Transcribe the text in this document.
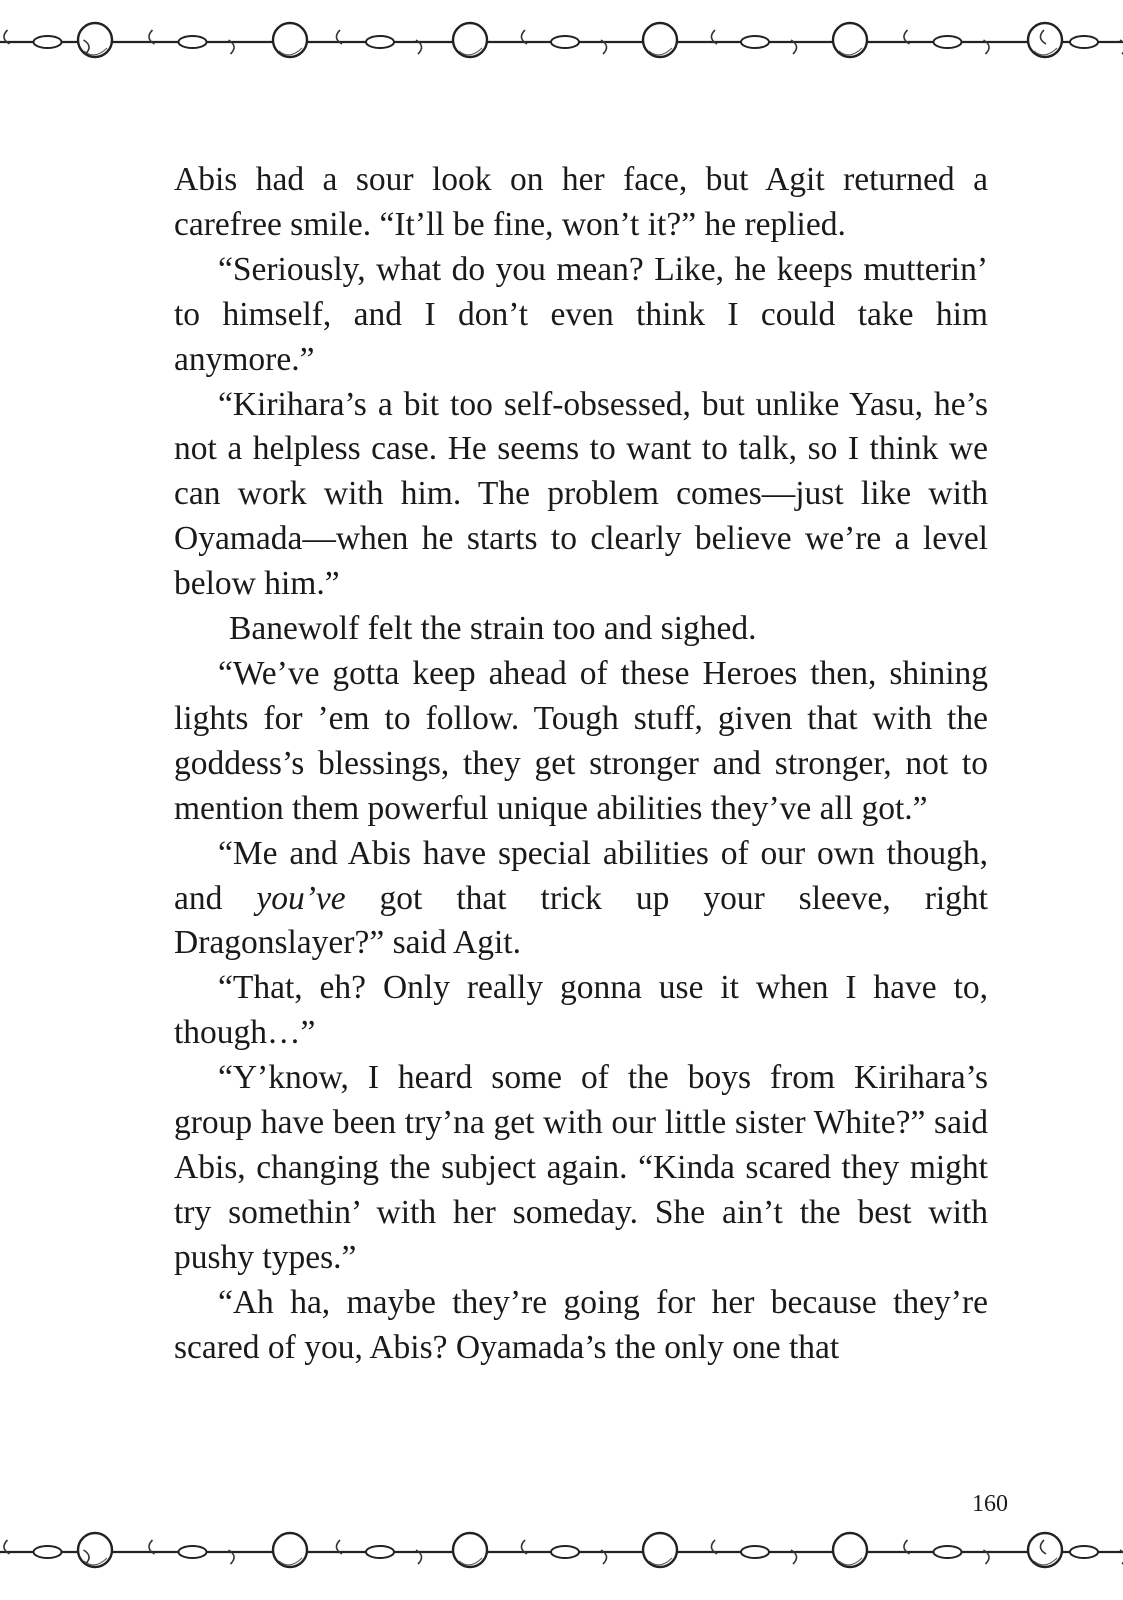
Abis had a sour look on her face, but Agit returned a carefree smile. “It’ll be fine, won’t it?” he replied.

“Seriously, what do you mean? Like, he keeps mutterin’ to himself, and I don’t even think I could take him anymore.”

“Kirihara’s a bit too self-obsessed, but unlike Yasu, he’s not a helpless case. He seems to want to talk, so I think we can work with him. The problem comes—just like with Oyamada—when he starts to clearly believe we’re a level below him.”

Banewolf felt the strain too and sighed.

“We’ve gotta keep ahead of these Heroes then, shining lights for ’em to follow. Tough stuff, given that with the goddess’s blessings, they get stronger and stronger, not to mention them powerful unique abilities they’ve all got.”

“Me and Abis have special abilities of our own though, and you’ve got that trick up your sleeve, right Dragonslayer?” said Agit.

“That, eh? Only really gonna use it when I have to, though…”

“Y’know, I heard some of the boys from Kirihara’s group have been try’na get with our little sister White?” said Abis, changing the subject again. “Kinda scared they might try somethin’ with her someday. She ain’t the best with pushy types.”

“Ah ha, maybe they’re going for her because they’re scared of you, Abis? Oyamada’s the only one that

160
